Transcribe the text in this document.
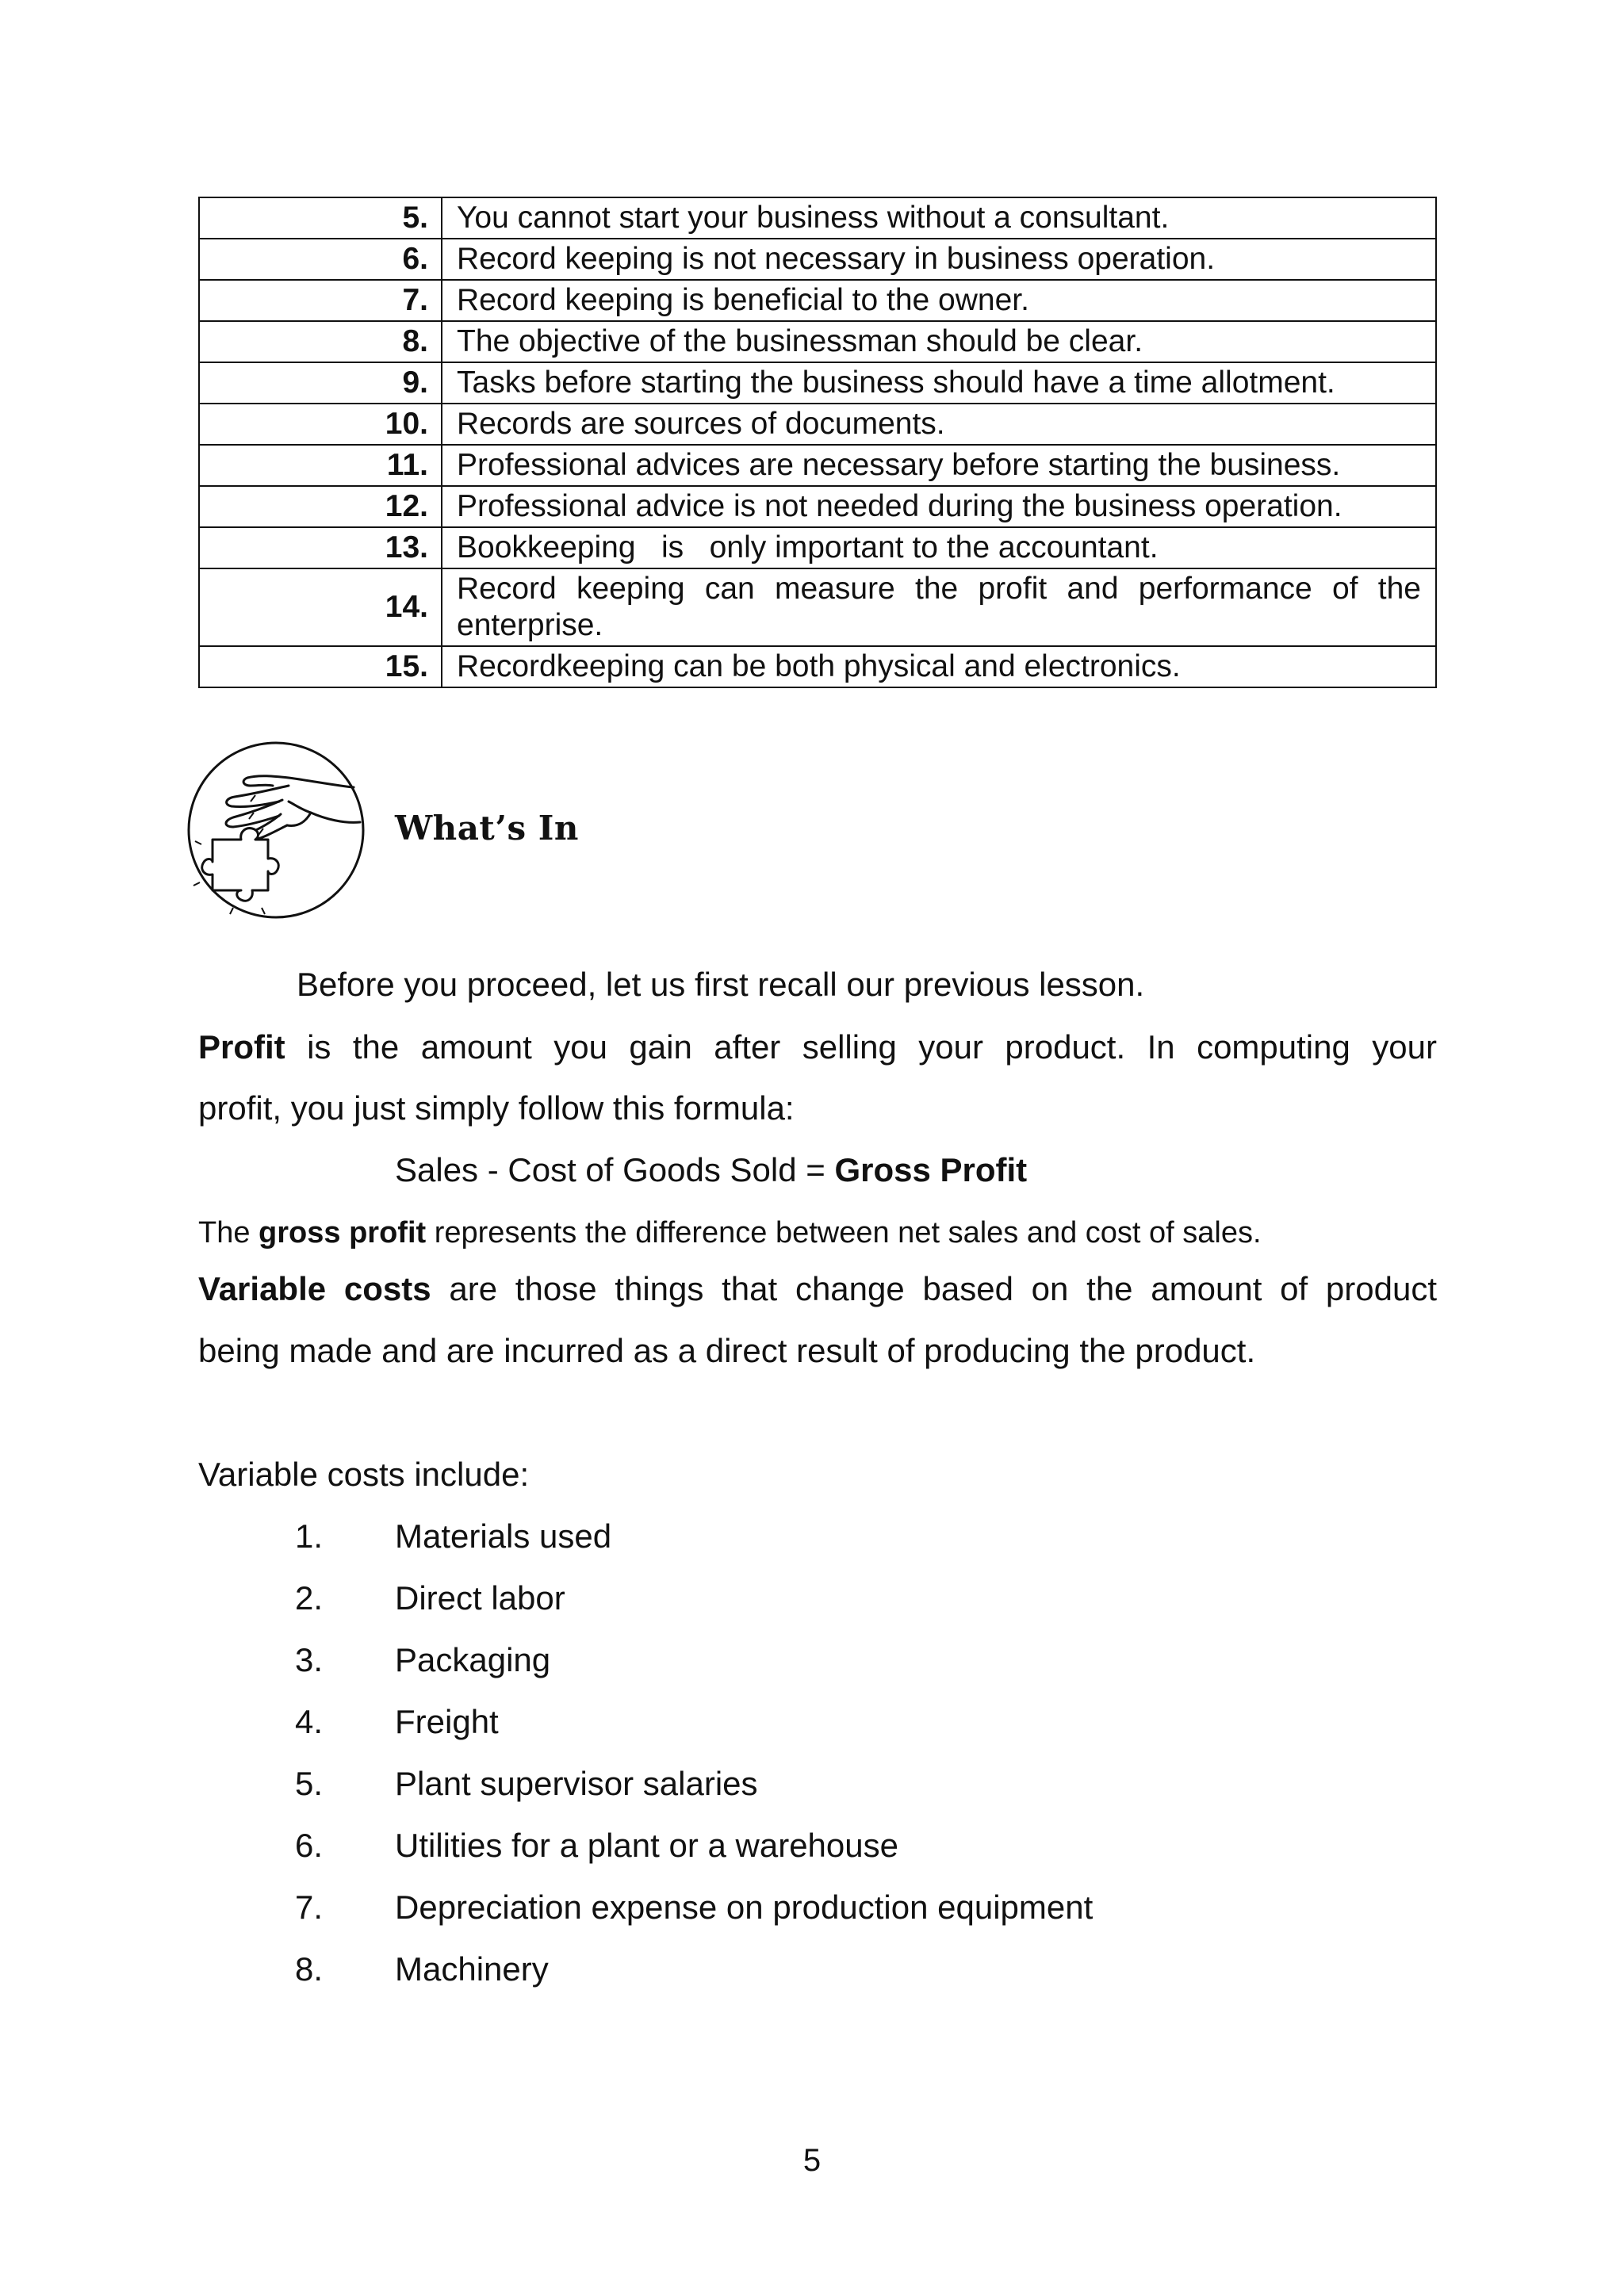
5.	You cannot start your business without a consultant.
6.	Record keeping is not necessary in business operation.
7.	Record keeping is beneficial to the owner.
8.	The objective of the businessman should be clear.
9.	Tasks before starting the business should have a time allotment.
10.	Records are sources of documents.
11.	Professional advices are necessary before starting the business.
12.	Professional advice is not needed during the business operation.
13.	Bookkeeping   is   only important to the accountant.
14.	Record keeping can measure the profit and performance of the enterprise.
15.	Recordkeeping can be both physical and electronics.
What’s In
Before you proceed, let us first recall our previous lesson.
Profit is the amount you gain after selling your product. In computing your
profit, you just simply follow this formula:
Sales - Cost of Goods Sold = Gross Profit
The gross profit represents the difference between net sales and cost of sales.
Variable costs are those things that change based on the amount of product
being made and are incurred as a direct result of producing the product.
Variable costs include:
1. Materials used
2. Direct labor
3. Packaging
4. Freight
5. Plant supervisor salaries
6. Utilities for a plant or a warehouse
7. Depreciation expense on production equipment
8. Machinery
5
